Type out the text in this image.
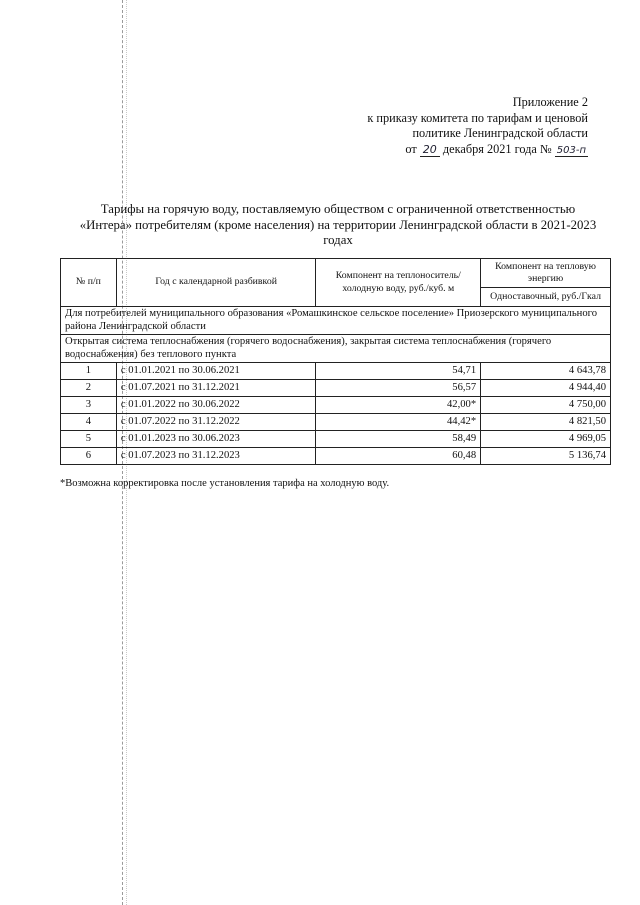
Приложение 2
к приказу комитета по тарифам и ценовой
политике Ленинградской области
от 20 декабря 2021 года № 503-п
Тарифы на горячую воду, поставляемую обществом с ограниченной ответственностью
«Интера» потребителям (кроме населения) на территории Ленинградской области в 2021-2023
годах
№ п/п	Год с календарной разбивкой	Компонент на теплоноситель/ холодную воду, руб./куб. м	Компонент на тепловую энергию
			Одноставочный, руб./Гкал
Для потребителей муниципального образования «Ромашкинское сельское поселение» Приозерского муниципального района Ленинградской области			
Открытая система теплоснабжения (горячего водоснабжения), закрытая система теплоснабжения (горячего водоснабжения) без теплового пункта			
1	с 01.01.2021 по 30.06.2021	54,71	4 643,78
2	с 01.07.2021 по 31.12.2021	56,57	4 944,40
3	с 01.01.2022 по 30.06.2022	42,00*	4 750,00
4	с 01.07.2022 по 31.12.2022	44,42*	4 821,50
5	с 01.01.2023 по 30.06.2023	58,49	4 969,05
6	с 01.07.2023 по 31.12.2023	60,48	5 136,74
*Возможна корректировка после установления тарифа на холодную воду.
